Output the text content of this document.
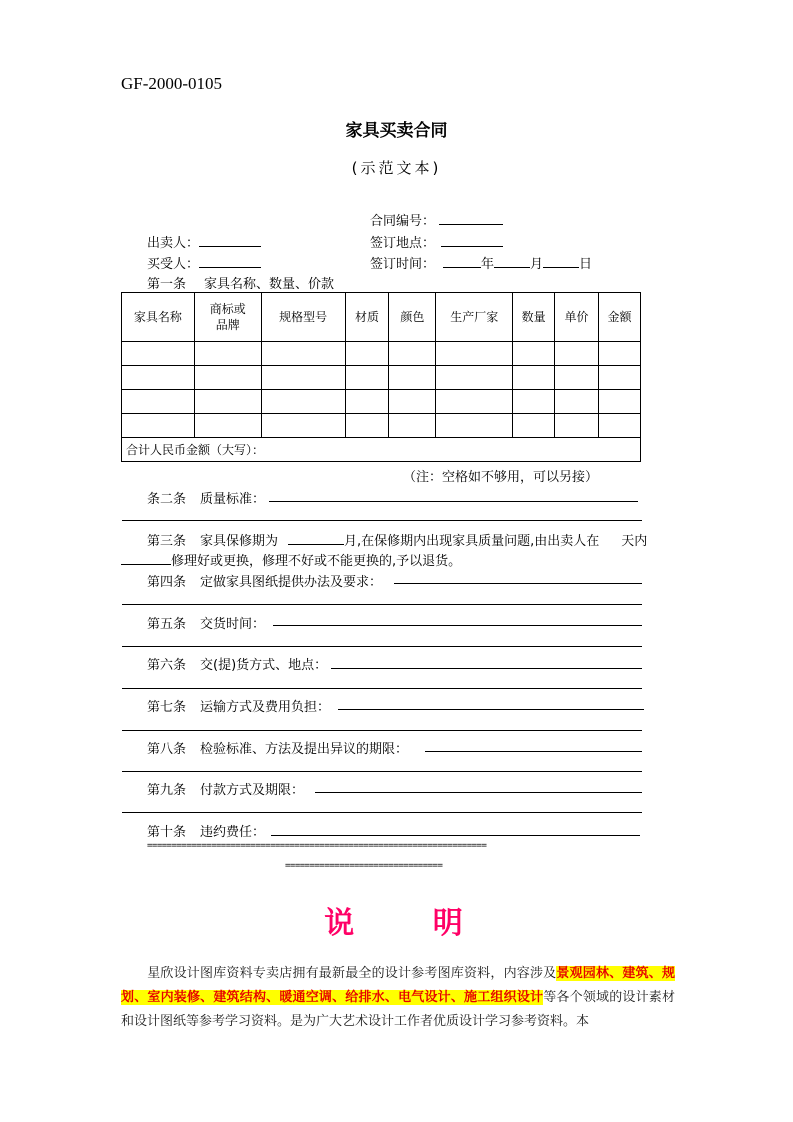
GF-2000-0105
家具买卖合同
(示范文本)
合同编号：
出卖人：	签订地点：
买受人：	签订时间：	年	月	日
第一条 家具名称、数量、价款
家具名称	商标或
品牌	规格型号	材质	颜色	生产厂家	数量	单价	金额

合计人民币金额（大写）：								
（注：空格如不够用，可以另接）
条二条 质量标准：
第三条 家具保修期为	月,在保修期内出现家具质量问题,由出卖人在 天内
修理好或更换，修理不好或不能更换的,予以退货。
第四条 定做家具图纸提供办法及要求：
第五条 交货时间：
第六条 交(提)货方式、地点：
第七条 运输方式及费用负担：
第八条 检验标准、方法及提出异议的期限：
第九条 付款方式及期限：
第十条 违约费任：
=====================================================================
================================
说 明
星欣设计图库资料专卖店拥有最新最全的设计参考图库资料，内容涉及景观园林、建筑、规划、室内装修、建筑结构、暖通空调、给排水、电气设计、施工组织设计等各个领域的设计素材和设计图纸等参考学习资料。是为广大艺术设计工作者优质设计学习参考资料。本
